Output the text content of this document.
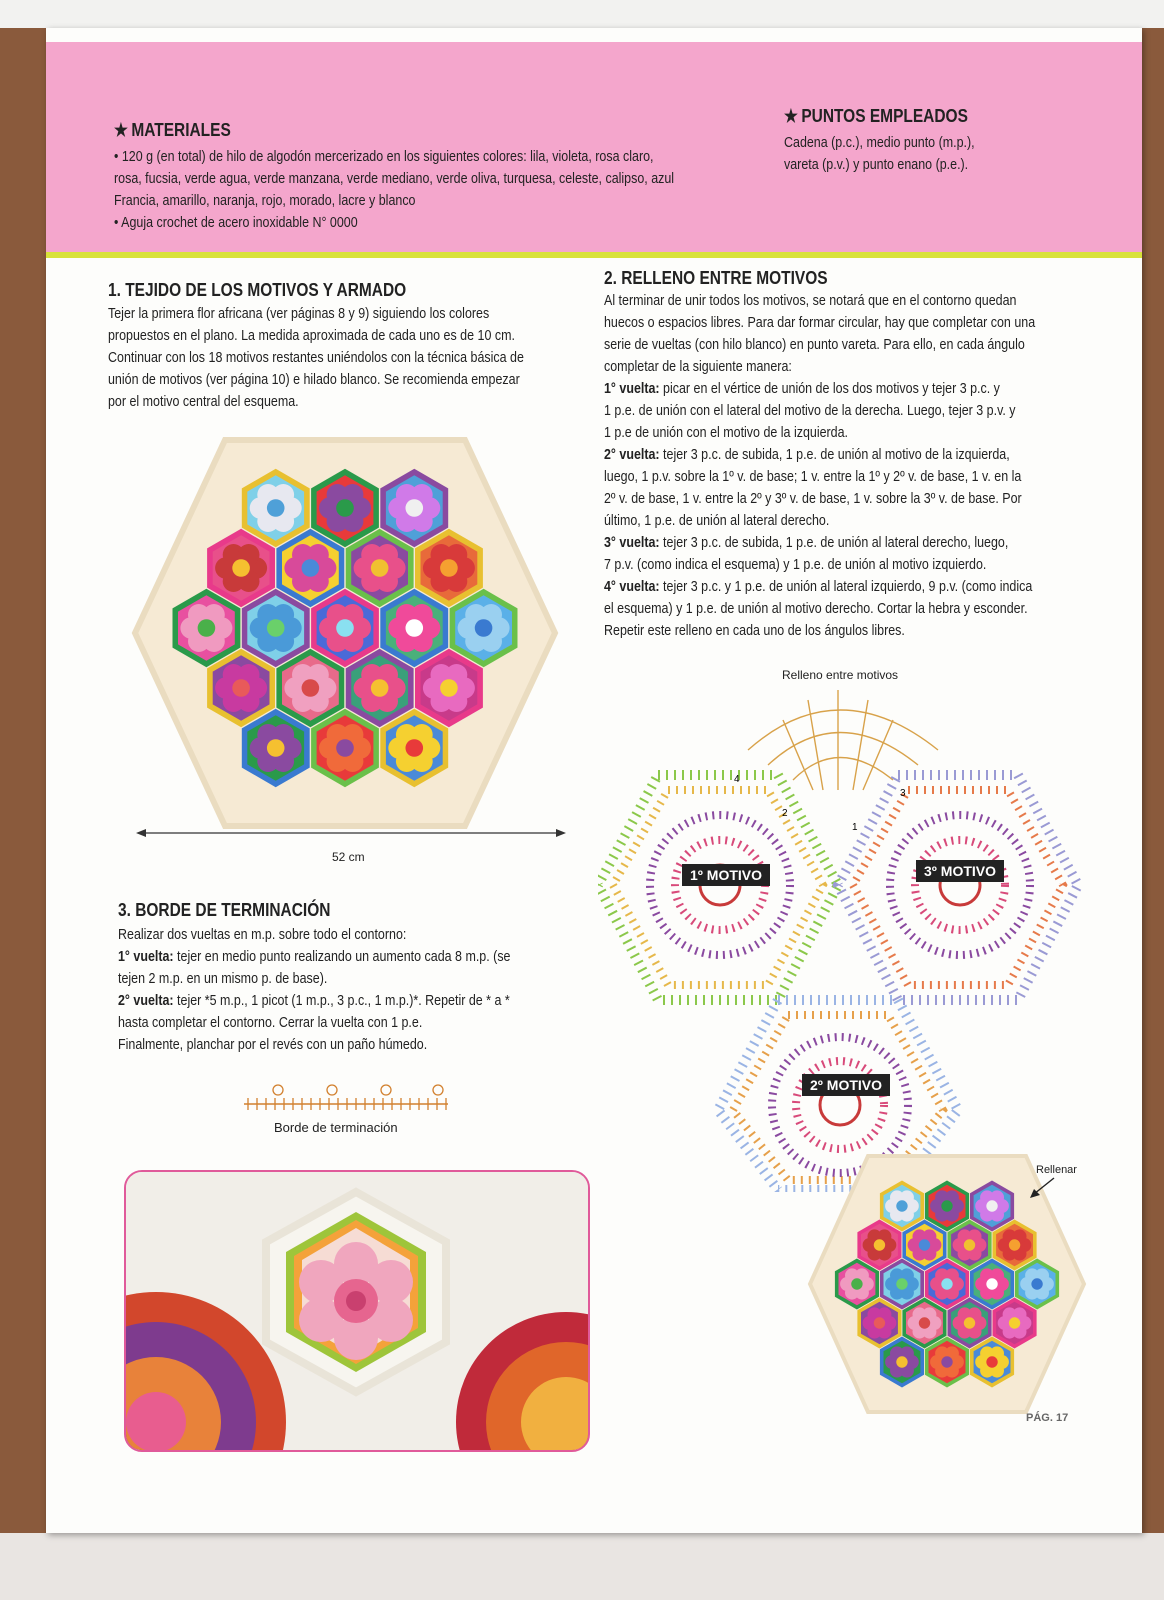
★ MATERIALES
• 120 g (en total) de hilo de algodón mercerizado en los siguientes colores: lila, violeta, rosa claro,
rosa, fucsia, verde agua, verde manzana, verde mediano, verde oliva, turquesa, celeste, calipso, azul
Francia, amarillo, naranja, rojo, morado, lacre y blanco
• Aguja crochet de acero inoxidable N° 0000
★ PUNTOS EMPLEADOS
Cadena (p.c.), medio punto (m.p.),
vareta (p.v.) y punto enano (p.e.).
1. TEJIDO DE LOS MOTIVOS Y ARMADO
Tejer la primera flor africana (ver páginas 8 y 9) siguiendo los colores
propuestos en el plano. La medida aproximada de cada uno es de 10 cm.
Continuar con los 18 motivos restantes uniéndolos con la técnica básica de
unión de motivos (ver página 10) e hilado blanco. Se recomienda empezar
por el motivo central del esquema.
52 cm
3. BORDE DE TERMINACIÓN
Realizar dos vueltas en m.p. sobre todo el contorno:
1° vuelta: tejer en medio punto realizando un aumento cada 8 m.p. (se
tejen 2 m.p. en un mismo p. de base).
2° vuelta: tejer *5 m.p., 1 picot (1 m.p., 3 p.c., 1 m.p.)*. Repetir de * a *
hasta completar el contorno. Cerrar la vuelta con 1 p.e.
Finalmente, planchar por el revés con un paño húmedo.
Borde de terminación
2. RELLENO ENTRE MOTIVOS
Al terminar de unir todos los motivos, se notará que en el contorno quedan
huecos o espacios libres. Para dar formar circular, hay que completar con una
serie de vueltas (con hilo blanco) en punto vareta. Para ello, en cada ángulo
completar de la siguiente manera:
1° vuelta: picar en el vértice de unión de los dos motivos y tejer 3 p.c. y
1 p.e. de unión con el lateral del motivo de la derecha. Luego, tejer 3 p.v. y
1 p.e de unión con el motivo de la izquierda.
2° vuelta: tejer 3 p.c. de subida, 1 p.e. de unión al motivo de la izquierda,
luego, 1 p.v. sobre la 1º v. de base; 1 v. entre la 1º y 2º v. de base, 1 v. en la
2º v. de base, 1 v. entre la 2º y 3º v. de base, 1 v. sobre la 3º v. de base. Por
último, 1 p.e. de unión al lateral derecho.
3° vuelta: tejer 3 p.c. de subida, 1 p.e. de unión al lateral derecho, luego,
7 p.v. (como indica el esquema) y 1 p.e. de unión al motivo izquierdo.
4° vuelta: tejer 3 p.c. y 1 p.e. de unión al lateral izquierdo, 9 p.v. (como indica
el esquema) y 1 p.e. de unión al motivo derecho. Cortar la hebra y esconder.
Repetir este relleno en cada uno de los ángulos libres.
Relleno entre motivos
4
2
1
3
1º MOTIVO	3º MOTIVO
2º MOTIVO
Rellenar
PÁG. 17
